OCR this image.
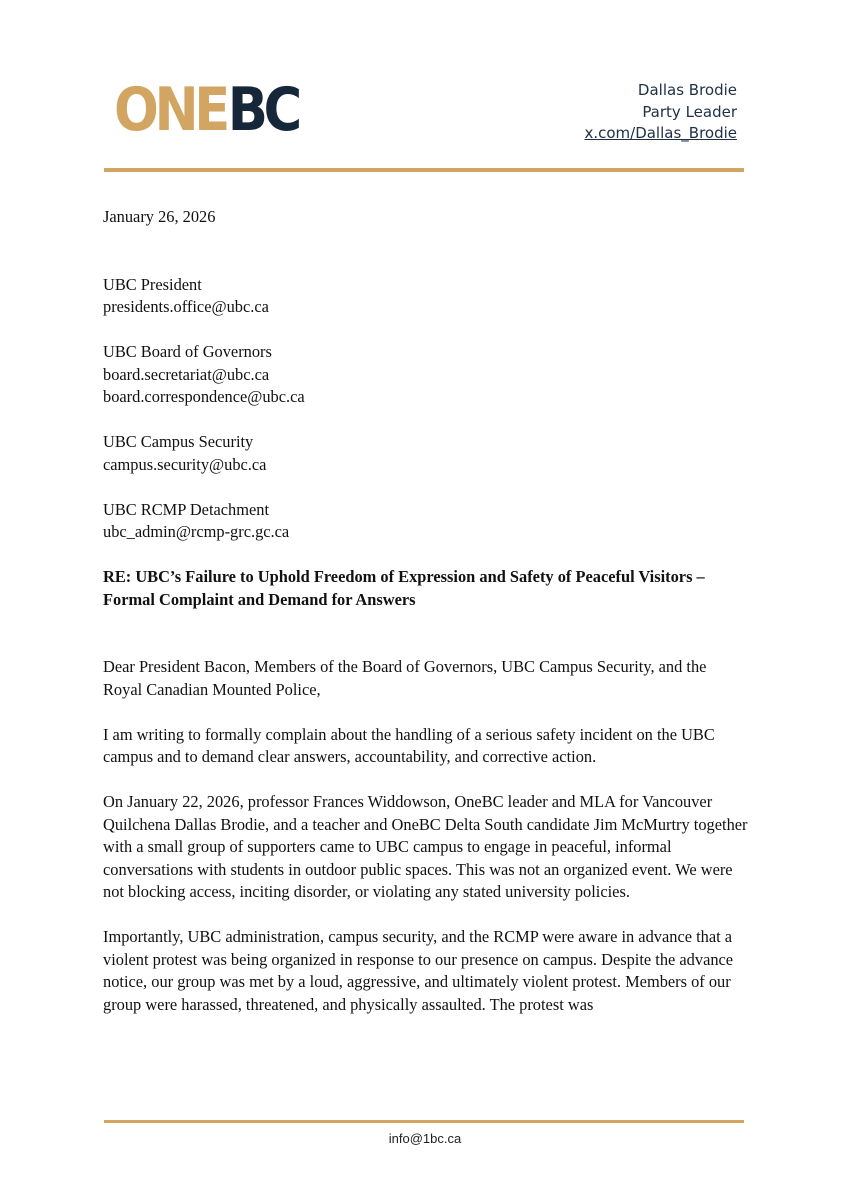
ONE BC	Dallas Brodie
Party Leader
x.com/Dallas_Brodie

January 26, 2026

UBC President
presidents.office@ubc.ca

UBC Board of Governors
board.secretariat@ubc.ca
board.correspondence@ubc.ca

UBC Campus Security
campus.security@ubc.ca

UBC RCMP Detachment
ubc_admin@rcmp-grc.gc.ca

RE: UBC’s Failure to Uphold Freedom of Expression and Safety of Peaceful Visitors – Formal Complaint and Demand for Answers

Dear President Bacon, Members of the Board of Governors, UBC Campus Security, and the Royal Canadian Mounted Police,

I am writing to formally complain about the handling of a serious safety incident on the UBC campus and to demand clear answers, accountability, and corrective action.

On January 22, 2026, professor Frances Widdowson, OneBC leader and MLA for Vancouver Quilchena Dallas Brodie, and a teacher and OneBC Delta South candidate Jim McMurtry together with a small group of supporters came to UBC campus to engage in peaceful, informal conversations with students in outdoor public spaces. This was not an organized event. We were not blocking access, inciting disorder, or violating any stated university policies.

Importantly, UBC administration, campus security, and the RCMP were aware in advance that a violent protest was being organized in response to our presence on campus. Despite the advance notice, our group was met by a loud, aggressive, and ultimately violent protest. Members of our group were harassed, threatened, and physically assaulted. The protest was

info@1bc.ca
